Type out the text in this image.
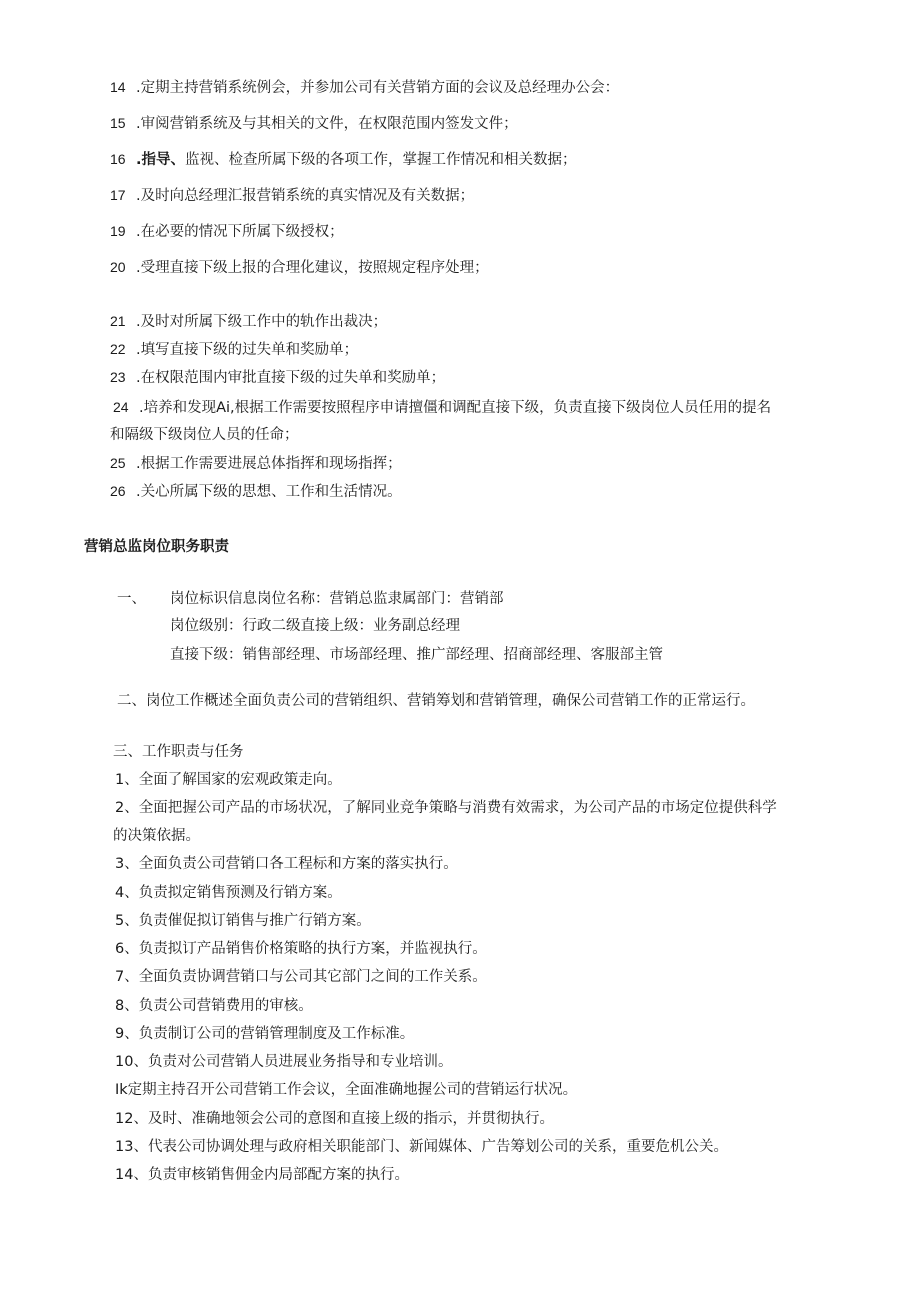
14 .定期主持营销系统例会，并参加公司有关营销方面的会议及总经理办公会：
15 .审阅营销系统及与其相关的文件，在权限范围内签发文件；
16 .指导、监视、检查所属下级的各项工作，掌握工作情况和相关数据；
17 .及时向总经理汇报营销系统的真实情况及有关数据；
19 .在必要的情况下所属下级授权；
20 .受理直接下级上报的合理化建议，按照规定程序处理；
21 .及时对所属下级工作中的轨作出裁决；
22 .填写直接下级的过失单和奖励单；
23 .在权限范围内审批直接下级的过失单和奖励单；
24 .培养和发现Ai,根据工作需要按照程序申请擅僵和调配直接下级，负责直接下级岗位人员任用的提名
和隔级下级岗位人员的任命；
25 .根据工作需要进展总体指挥和现场指挥；
26 .关心所属下级的思想、工作和生活情况。
营销总监岗位职务职责
一、 岗位标识信息岗位名称：营销总监隶属部门：营销部
岗位级别：行政二级直接上级：业务副总经理
直接下级：销售部经理、市场部经理、推广部经理、招商部经理、客服部主管
二、岗位工作概述全面负责公司的营销组织、营销筹划和营销管理，确保公司营销工作的正常运行。
三、工作职责与任务
1、全面了解国家的宏观政策走向。
2、全面把握公司产品的市场状况，了解同业竞争策略与消费有效需求，为公司产品的市场定位提供科学
的决策依据。
3、全面负责公司营销口各工程标和方案的落实执行。
4、负责拟定销售预测及行销方案。
5、负责催促拟订销售与推广行销方案。
6、负责拟订产品销售价格策略的执行方案，并监视执行。
7、全面负责协调营销口与公司其它部门之间的工作关系。
8、负责公司营销费用的审核。
9、负责制订公司的营销管理制度及工作标准。
10、负责对公司营销人员进展业务指导和专业培训。
Ik定期主持召开公司营销工作会议，全面准确地握公司的营销运行状况。
12、及时、准确地领会公司的意图和直接上级的指示，并贯彻执行。
13、代表公司协调处理与政府相关职能部门、新闻媒体、广告筹划公司的关系，重要危机公关。
14、负责审核销售佣金内局部配方案的执行。
